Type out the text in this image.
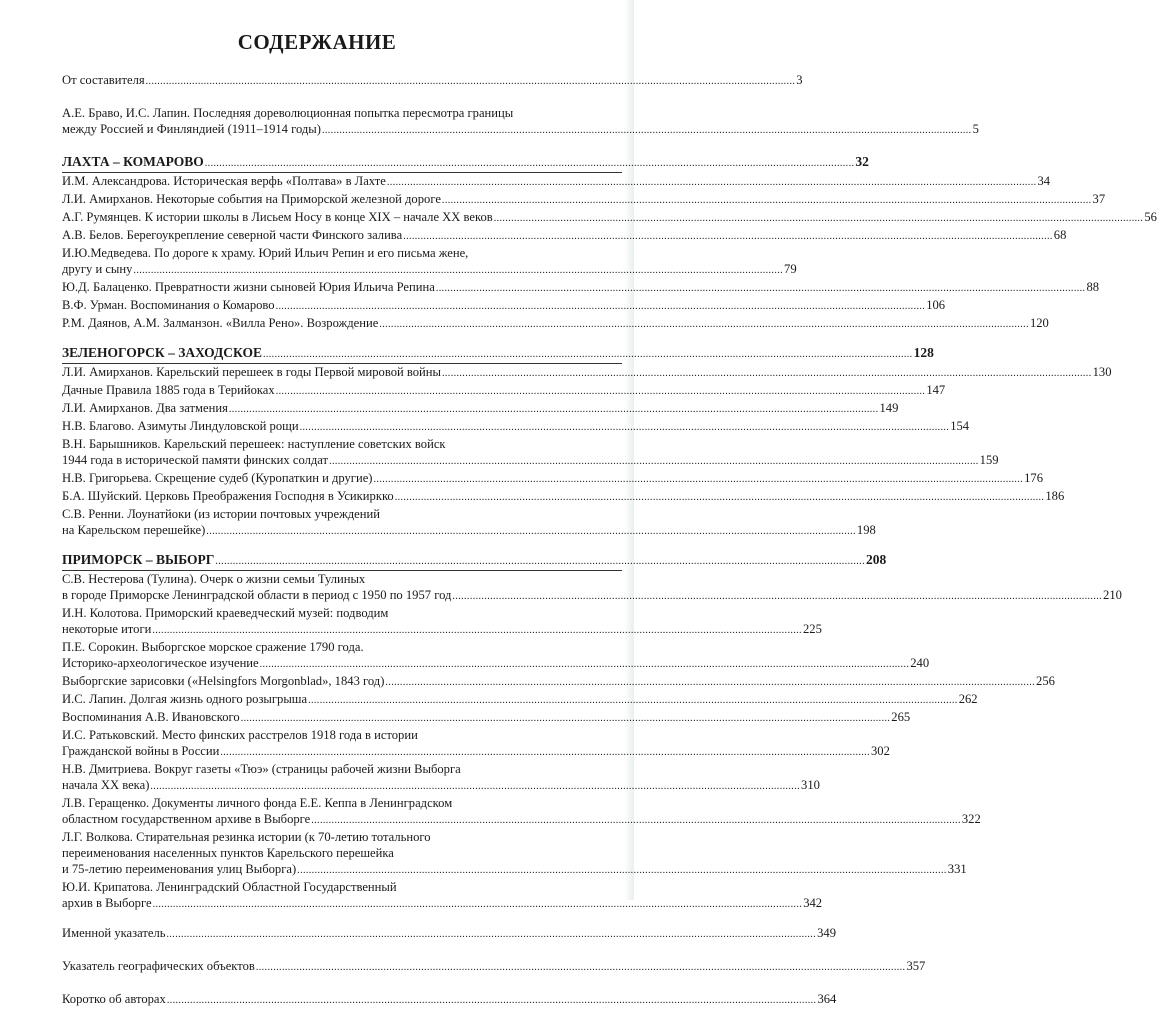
СОДЕРЖАНИЕ
От составителя .....	3
А.Е. Браво, И.С. Лапин. Последняя дореволюционная попытка пересмотра границы
между Россией и Финляндией (1911–1914 годы) .....	5
ЛАХТА – КОМАРОВО .....	32
И.М. Александрова. Историческая верфь «Полтава» в Лахте .....	34
Л.И. Амирханов. Некоторые события на Приморской железной дороге .....	37
А.Г. Румянцев. К истории школы в Лисьем Носу в конце XIX – начале XX веков .....	56
А.В. Белов. Берегоукрепление северной части Финского залива .....	68
И.Ю.Медведева. По дороге к храму. Юрий Ильич Репин и его письма жене,
другу и сыну .....	79
Ю.Д. Балаценко. Превратности жизни сыновей Юрия Ильича Репина .....	88
В.Ф. Урман. Воспоминания о Комарово .....	106
Р.М. Даянов, А.М. Залманзон. «Вилла Рено». Возрождение .....	120
ЗЕЛЕНОГОРСК – ЗАХОДСКОЕ .....	128
Л.И. Амирханов. Карельский перешеек в годы Первой мировой войны .....	130
Дачные Правила 1885 года в Терийоках .....	147
Л.И. Амирханов. Два затмения .....	149
Н.В. Благово. Азимуты Линдуловской рощи .....	154
В.Н. Барышников. Карельский перешеек: наступление советских войск
1944 года в исторической памяти финских солдат .....	159
Н.В. Григорьева. Скрещение судеб (Куропаткин и другие) .....	176
Б.А. Шуйский. Церковь Преображения Господня в Усикиркко .....	186
С.В. Ренни. Лоунатйоки (из истории почтовых учреждений
на Карельском перешейке) .....	198
ПРИМОРСК – ВЫБОРГ .....	208
С.В. Нестерова (Тулина). Очерк о жизни семьи Тулиных
в городе Приморске Ленинградской области в период с 1950 по 1957 год .....	210
И.Н. Колотова. Приморский краеведческий музей: подводим
некоторые итоги .....	225
П.Е. Сорокин. Выборгское морское сражение 1790 года.
Историко-археологическое изучение .....	240
Выборгские зарисовки («Helsingfors Morgonblad», 1843 год) .....	256
И.С. Лапин. Долгая жизнь одного розыгрыша .....	262
Воспоминания А.В. Ивановского .....	265
И.С. Ратьковский. Место финских расстрелов 1918 года в истории
Гражданской войны в России .....	302
Н.В. Дмитриева. Вокруг газеты «Тюэ» (страницы рабочей жизни Выборга
начала XX века) .....	310
Л.В. Геращенко. Документы личного фонда Е.Е. Кеппа в Ленинградском
областном государственном архиве в Выборге .....	322
Л.Г. Волкова. Стирательная резинка истории (к 70-летию тотального
переименования населенных пунктов Карельского перешейка
и 75-летию переименования улиц Выборга) .....	331
Ю.И. Крипатова. Ленинградский Областной Государственный
архив в Выборге .....	342
Именной указатель .....	349
Указатель географических объектов .....	357
Коротко об авторах .....	364
